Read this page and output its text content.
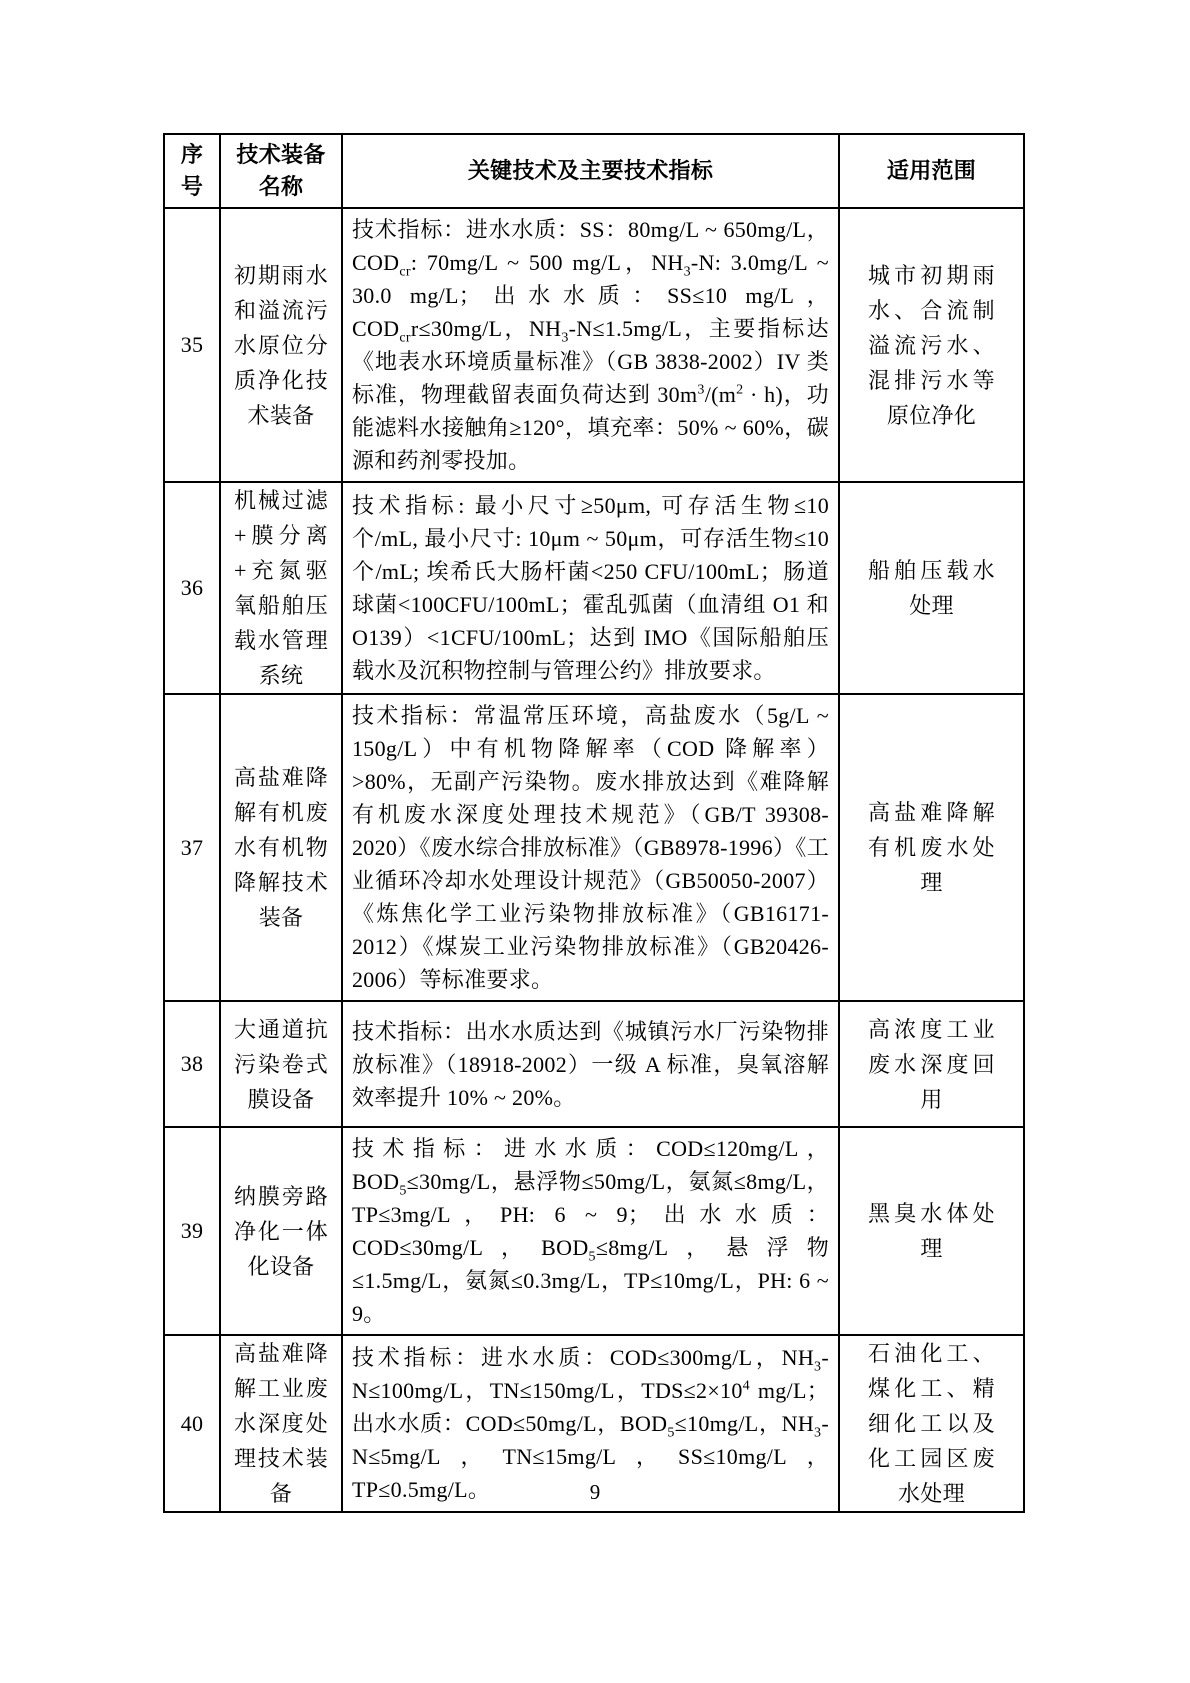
序号	技术装备名称	关键技术及主要技术指标	适用范围
35	初期雨水和溢流污水原位分质净化技术装备	技术指标：进水水质：SS：80mg/L ~ 650mg/L，$COD_{cr}$: 70mg/L ~ 500 mg/L，$NH_3-N$: 3.0mg/L ~ 30.0 mg/L；出水水质：SS≤10 mg/L，$COD_{cr}r\le 30mg/L$，$NH_3-N\le 1.5mg/L$，主要指标达《地表水环境质量标准》（GB 3838-2002）IV 类标准，物理截留表面负荷达到 $30m^3/(m^2 \cdot h)$，功能滤料水接触角≥120°，填充率：50% ~ 60%，碳源和药剂零投加。	城市初期雨水、合流制溢流污水、混排污水等原位净化
36	机械过滤+膜分离+充氮驱氧船舶压载水管理系统	技术指标: 最小尺寸≥50μm, 可存活生物≤10 个/mL, 最小尺寸: 10μm ~ 50μm，可存活生物≤10 个/mL; 埃希氏大肠杆菌<250 CFU/100mL；肠道球菌<100CFU/100mL；霍乱弧菌（血清组 O1 和 O139）<1CFU/100mL；达到 IMO《国际船舶压载水及沉积物控制与管理公约》排放要求。	船舶压载水处理
37	高盐难降解有机废水有机物降解技术装备	技术指标：常温常压环境，高盐废水（5g/L ~ 150g/L）中有机物降解率（COD 降解率）>80%，无副产污染物。废水排放达到《难降解有机废水深度处理技术规范》（GB/T 39308-2020）《废水综合排放标准》（GB8978-1996）《工业循环冷却水处理设计规范》（GB50050-2007）《炼焦化学工业污染物排放标准》（GB16171-2012）《煤炭工业污染物排放标准》（GB20426-2006）等标准要求。	高盐难降解有机废水处理
38	大通道抗污染卷式膜设备	技术指标：出水水质达到《城镇污水厂污染物排放标准》（18918-2002）一级 A 标准，臭氧溶解效率提升 10% ~ 20%。	高浓度工业废水深度回用
39	纳膜旁路净化一体化设备	技术指标：进水水质：COD≤120mg/L，$BOD_5\le 30mg/L$，悬浮物≤50mg/L，氨氮≤8mg/L，TP≤3mg/L，PH: 6 ~ 9；出水水质：COD≤30mg/L，$BOD_5\le 8mg/L$，悬浮物≤1.5mg/L，氨氮≤0.3mg/L，TP≤10mg/L，PH: 6 ~ 9。	黑臭水体处理
40	高盐难降解工业废水深度处理技术装备	技术指标：进水水质：COD≤300mg/L，$NH_3-N\le 100mg/L$，TN≤150mg/L，$TDS\le 2\times 10^4$ mg/L；出水水质：COD≤50mg/L，$BOD_5\le 10mg/L$，$NH_3-N\le 5mg/L$，TN≤15mg/L，SS≤10mg/L，TP≤0.5mg/L。	石油化工、煤化工、精细化工以及化工园区废水处理
9
